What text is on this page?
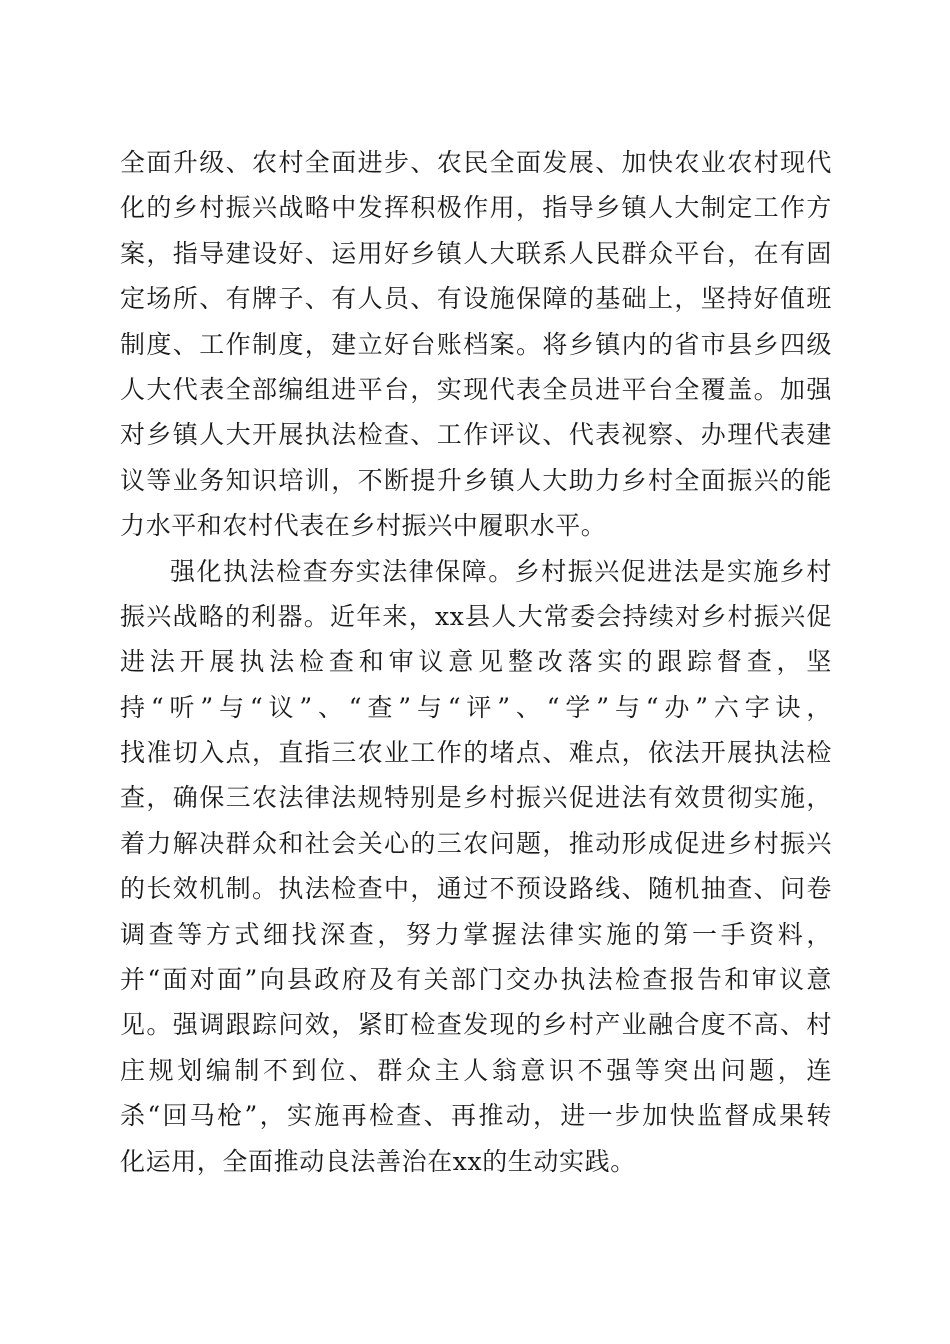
全面升级、农村全面进步、农民全面发展、加快农业农村现代
化的乡村振兴战略中发挥积极作用，指导乡镇人大制定工作方
案，指导建设好、运用好乡镇人大联系人民群众平台，在有固
定场所、有牌子、有人员、有设施保障的基础上，坚持好值班
制度、工作制度，建立好台账档案。将乡镇内的省市县乡四级
人大代表全部编组进平台，实现代表全员进平台全覆盖。加强
对乡镇人大开展执法检查、工作评议、代表视察、办理代表建
议等业务知识培训，不断提升乡镇人大助力乡村全面振兴的能
力水平和农村代表在乡村振兴中履职水平。
强化执法检查夯实法律保障。乡村振兴促进法是实施乡村
振兴战略的利器。近年来，xx县人大常委会持续对乡村振兴促
进法开展执法检查和审议意见整改落实的跟踪督查，坚
持“听”与“议”、“查”与“评”、“学”与“办”六字诀，
找准切入点，直指三农业工作的堵点、难点，依法开展执法检
查，确保三农法律法规特别是乡村振兴促进法有效贯彻实施，
着力解决群众和社会关心的三农问题，推动形成促进乡村振兴
的长效机制。执法检查中，通过不预设路线、随机抽查、问卷
调查等方式细找深查，努力掌握法律实施的第一手资料，
并“面对面”向县政府及有关部门交办执法检查报告和审议意
见。强调跟踪问效，紧盯检查发现的乡村产业融合度不高、村
庄规划编制不到位、群众主人翁意识不强等突出问题，连
杀“回马枪”，实施再检查、再推动，进一步加快监督成果转
化运用，全面推动良法善治在xx的生动实践。
